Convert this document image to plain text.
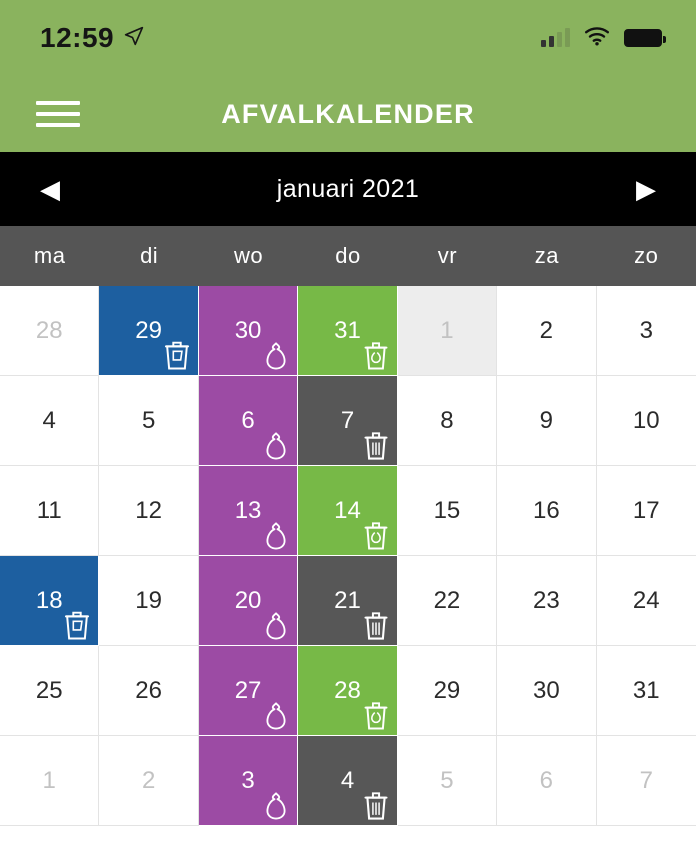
12:59
AFVALKALENDER
◀	januari 2021	▶
ma	di	wo	do	vr	za	zo
28	29	30	31	1	2	3
4	5	6	7	8	9	10
11	12	13	14	15	16	17
18	19	20	21	22	23	24
25	26	27	28	29	30	31
1	2	3	4	5	6	7
